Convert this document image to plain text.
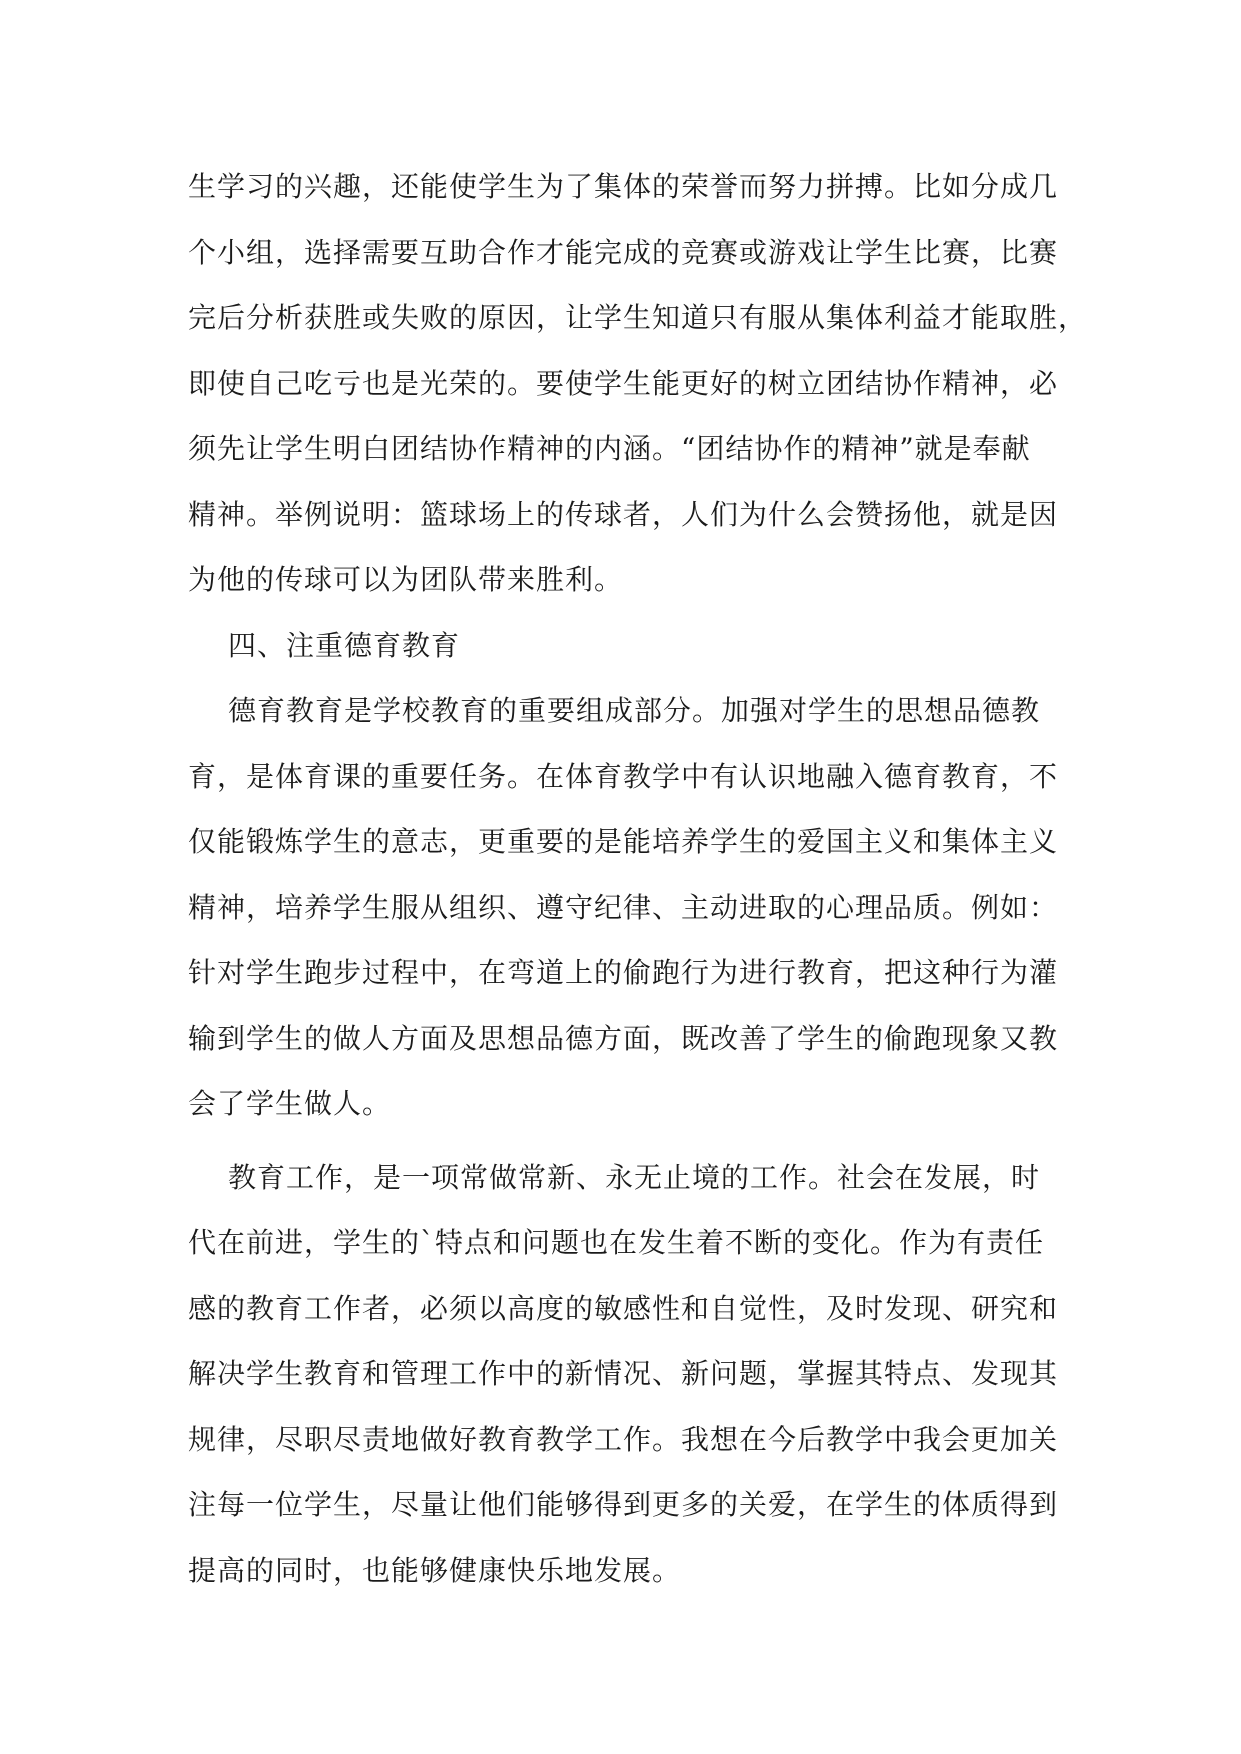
生学习的兴趣，还能使学生为了集体的荣誉而努力拼搏。比如分成几
个小组，选择需要互助合作才能完成的竞赛或游戏让学生比赛，比赛
完后分析获胜或失败的原因，让学生知道只有服从集体利益才能取胜，
即使自己吃亏也是光荣的。要使学生能更好的树立团结协作精神，必
须先让学生明白团结协作精神的内涵。“团结协作的精神”就是奉献
精神。举例说明：篮球场上的传球者，人们为什么会赞扬他，就是因
为他的传球可以为团队带来胜利。
四、注重德育教育
德育教育是学校教育的重要组成部分。加强对学生的思想品德教
育，是体育课的重要任务。在体育教学中有认识地融入德育教育，不
仅能锻炼学生的意志，更重要的是能培养学生的爱国主义和集体主义
精神，培养学生服从组织、遵守纪律、主动进取的心理品质。例如：
针对学生跑步过程中，在弯道上的偷跑行为进行教育，把这种行为灌
输到学生的做人方面及思想品德方面，既改善了学生的偷跑现象又教
会了学生做人。
教育工作，是一项常做常新、永无止境的工作。社会在发展，时
代在前进，学生的`特点和问题也在发生着不断的变化。作为有责任
感的教育工作者，必须以高度的敏感性和自觉性，及时发现、研究和
解决学生教育和管理工作中的新情况、新问题，掌握其特点、发现其
规律，尽职尽责地做好教育教学工作。我想在今后教学中我会更加关
注每一位学生，尽量让他们能够得到更多的关爱，在学生的体质得到
提高的同时，也能够健康快乐地发展。
